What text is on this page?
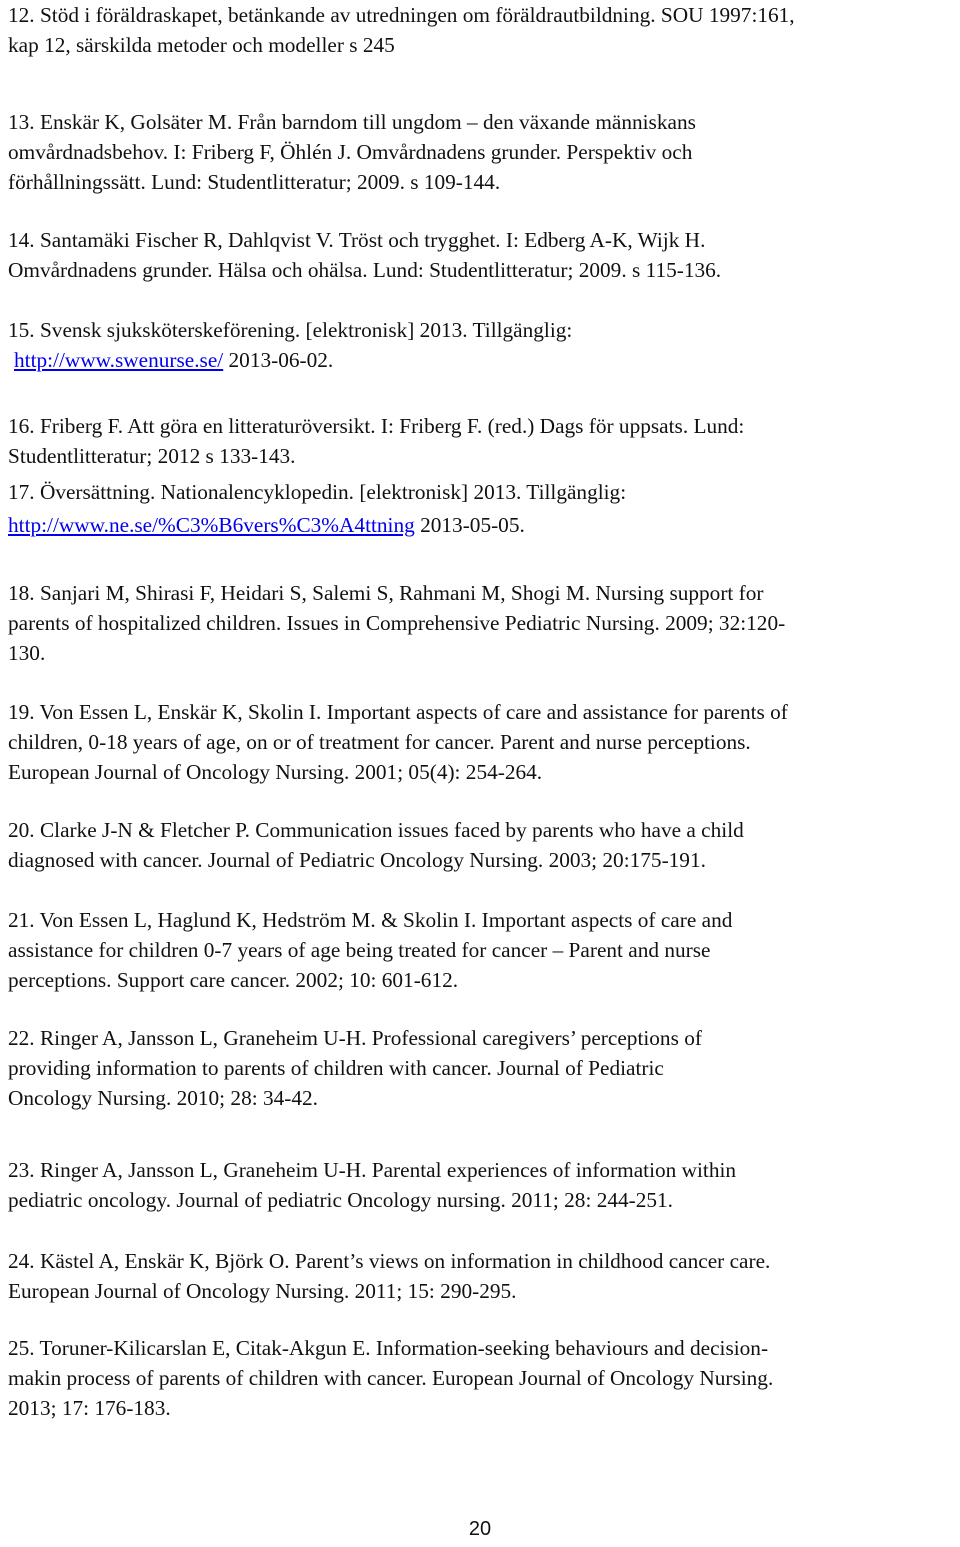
12. Stöd i föräldraskapet, betänkande av utredningen om föräldrautbildning. SOU 1997:161,
kap 12, särskilda metoder och modeller s 245
13. Enskär K, Golsäter M. Från barndom till ungdom – den växande människans
omvårdnadsbehov. I: Friberg F, Öhlén J. Omvårdnadens grunder. Perspektiv och
förhållningssätt. Lund: Studentlitteratur; 2009. s 109-144.
14. Santamäki Fischer R, Dahlqvist V. Tröst och trygghet. I: Edberg A-K, Wijk H.
Omvårdnadens grunder. Hälsa och ohälsa. Lund: Studentlitteratur; 2009. s 115-136.
15. Svensk sjuksköterskeförening. [elektronisk] 2013. Tillgänglig:
http://www.swenurse.se/ 2013-06-02.
16. Friberg F. Att göra en litteraturöversikt. I: Friberg F. (red.) Dags för uppsats. Lund:
Studentlitteratur; 2012 s 133-143.
17. Översättning. Nationalencyklopedin. [elektronisk] 2013. Tillgänglig:
http://www.ne.se/%C3%B6vers%C3%A4ttning 2013-05-05.
18. Sanjari M, Shirasi F, Heidari S, Salemi S, Rahmani M, Shogi M. Nursing support for
parents of hospitalized children. Issues in Comprehensive Pediatric Nursing. 2009; 32:120-
130.
19. Von Essen L, Enskär K, Skolin I. Important aspects of care and assistance for parents of
children, 0-18 years of age, on or of treatment for cancer. Parent and nurse perceptions.
European Journal of Oncology Nursing. 2001; 05(4): 254-264.
20. Clarke J-N & Fletcher P. Communication issues faced by parents who have a child
diagnosed with cancer. Journal of Pediatric Oncology Nursing. 2003; 20:175-191.
21. Von Essen L, Haglund K, Hedström M. & Skolin I. Important aspects of care and
assistance for children 0-7 years of age being treated for cancer – Parent and nurse
perceptions. Support care cancer. 2002; 10: 601-612.
22. Ringer A, Jansson L, Graneheim U-H. Professional caregivers’ perceptions of
providing information to parents of children with cancer. Journal of Pediatric
Oncology Nursing. 2010; 28: 34-42.
23. Ringer A, Jansson L, Graneheim U-H. Parental experiences of information within
pediatric oncology. Journal of pediatric Oncology nursing. 2011; 28: 244-251.
24. Kästel A, Enskär K, Björk O. Parent’s views on information in childhood cancer care.
European Journal of Oncology Nursing. 2011; 15: 290-295.
25. Toruner-Kilicarslan E, Citak-Akgun E. Information-seeking behaviours and decision-
makin process of parents of children with cancer. European Journal of Oncology Nursing.
2013; 17: 176-183.
20
